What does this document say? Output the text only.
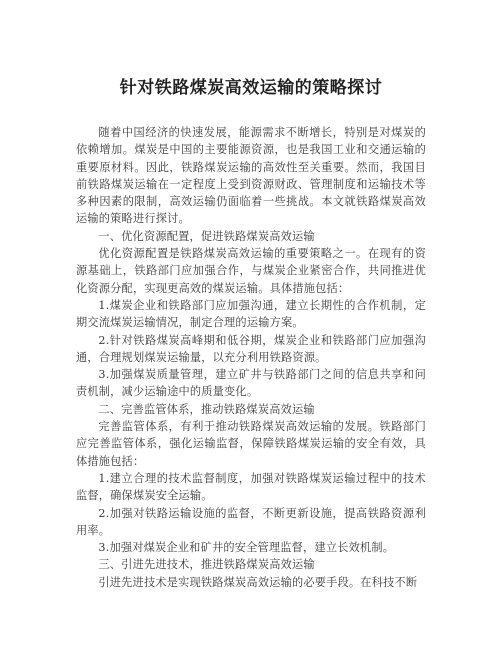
针对铁路煤炭高效运输的策略探讨

随着中国经济的快速发展，能源需求不断增长，特别是对煤炭的依赖增加。煤炭是中国的主要能源资源，也是我国工业和交通运输的重要原材料。因此，铁路煤炭运输的高效性至关重要。然而，我国目前铁路煤炭运输在一定程度上受到资源财政、管理制度和运输技术等多种因素的限制，高效运输仍面临着一些挑战。本文就铁路煤炭高效运输的策略进行探讨。

一、优化资源配置，促进铁路煤炭高效运输

优化资源配置是铁路煤炭高效运输的重要策略之一。在现有的资源基础上，铁路部门应加强合作，与煤炭企业紧密合作，共同推进优化资源分配，实现更高效的煤炭运输。具体措施包括：

1.煤炭企业和铁路部门应加强沟通，建立长期性的合作机制，定期交流煤炭运输情况，制定合理的运输方案。

2.针对铁路煤炭高峰期和低谷期，煤炭企业和铁路部门应加强沟通，合理规划煤炭运输量，以充分利用铁路资源。

3.加强煤炭质量管理，建立矿井与铁路部门之间的信息共享和问责机制，减少运输途中的质量变化。

二、完善监管体系，推动铁路煤炭高效运输

完善监管体系，有利于推动铁路煤炭高效运输的发展。铁路部门应完善监管体系，强化运输监督，保障铁路煤炭运输的安全有效，具体措施包括：

1.建立合理的技术监督制度，加强对铁路煤炭运输过程中的技术监督，确保煤炭安全运输。

2.加强对铁路运输设施的监督，不断更新设施，提高铁路资源利用率。

3.加强对煤炭企业和矿井的安全管理监督，建立长效机制。

三、引进先进技术，推进铁路煤炭高效运输

引进先进技术是实现铁路煤炭高效运输的必要手段。在科技不断
